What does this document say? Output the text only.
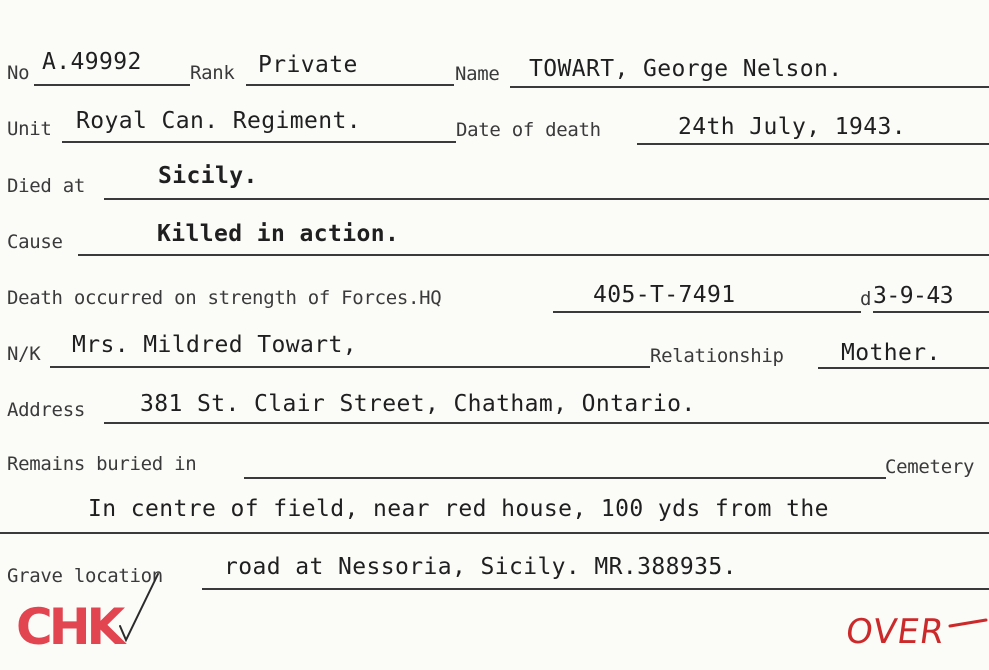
No A.49992	Rank Private	Name TOWART, George Nelson.
Unit Royal Can. Regiment.	Date of death	24th July, 1943.
Died at	Sicily.
Cause	Killed in action.
Death occurred on strength of Forces.HQ	405-T-7491	d 3-9-43
N/K Mrs. Mildred Towart,	Relationship Mother.
Address 381 St. Clair Street, Chatham, Ontario.
Remains buried in	Cemetery
In centre of field, near red house, 100 yds from the
Grave location	road at Nessoria, Sicily. MR.388935.
CHK	OVER
